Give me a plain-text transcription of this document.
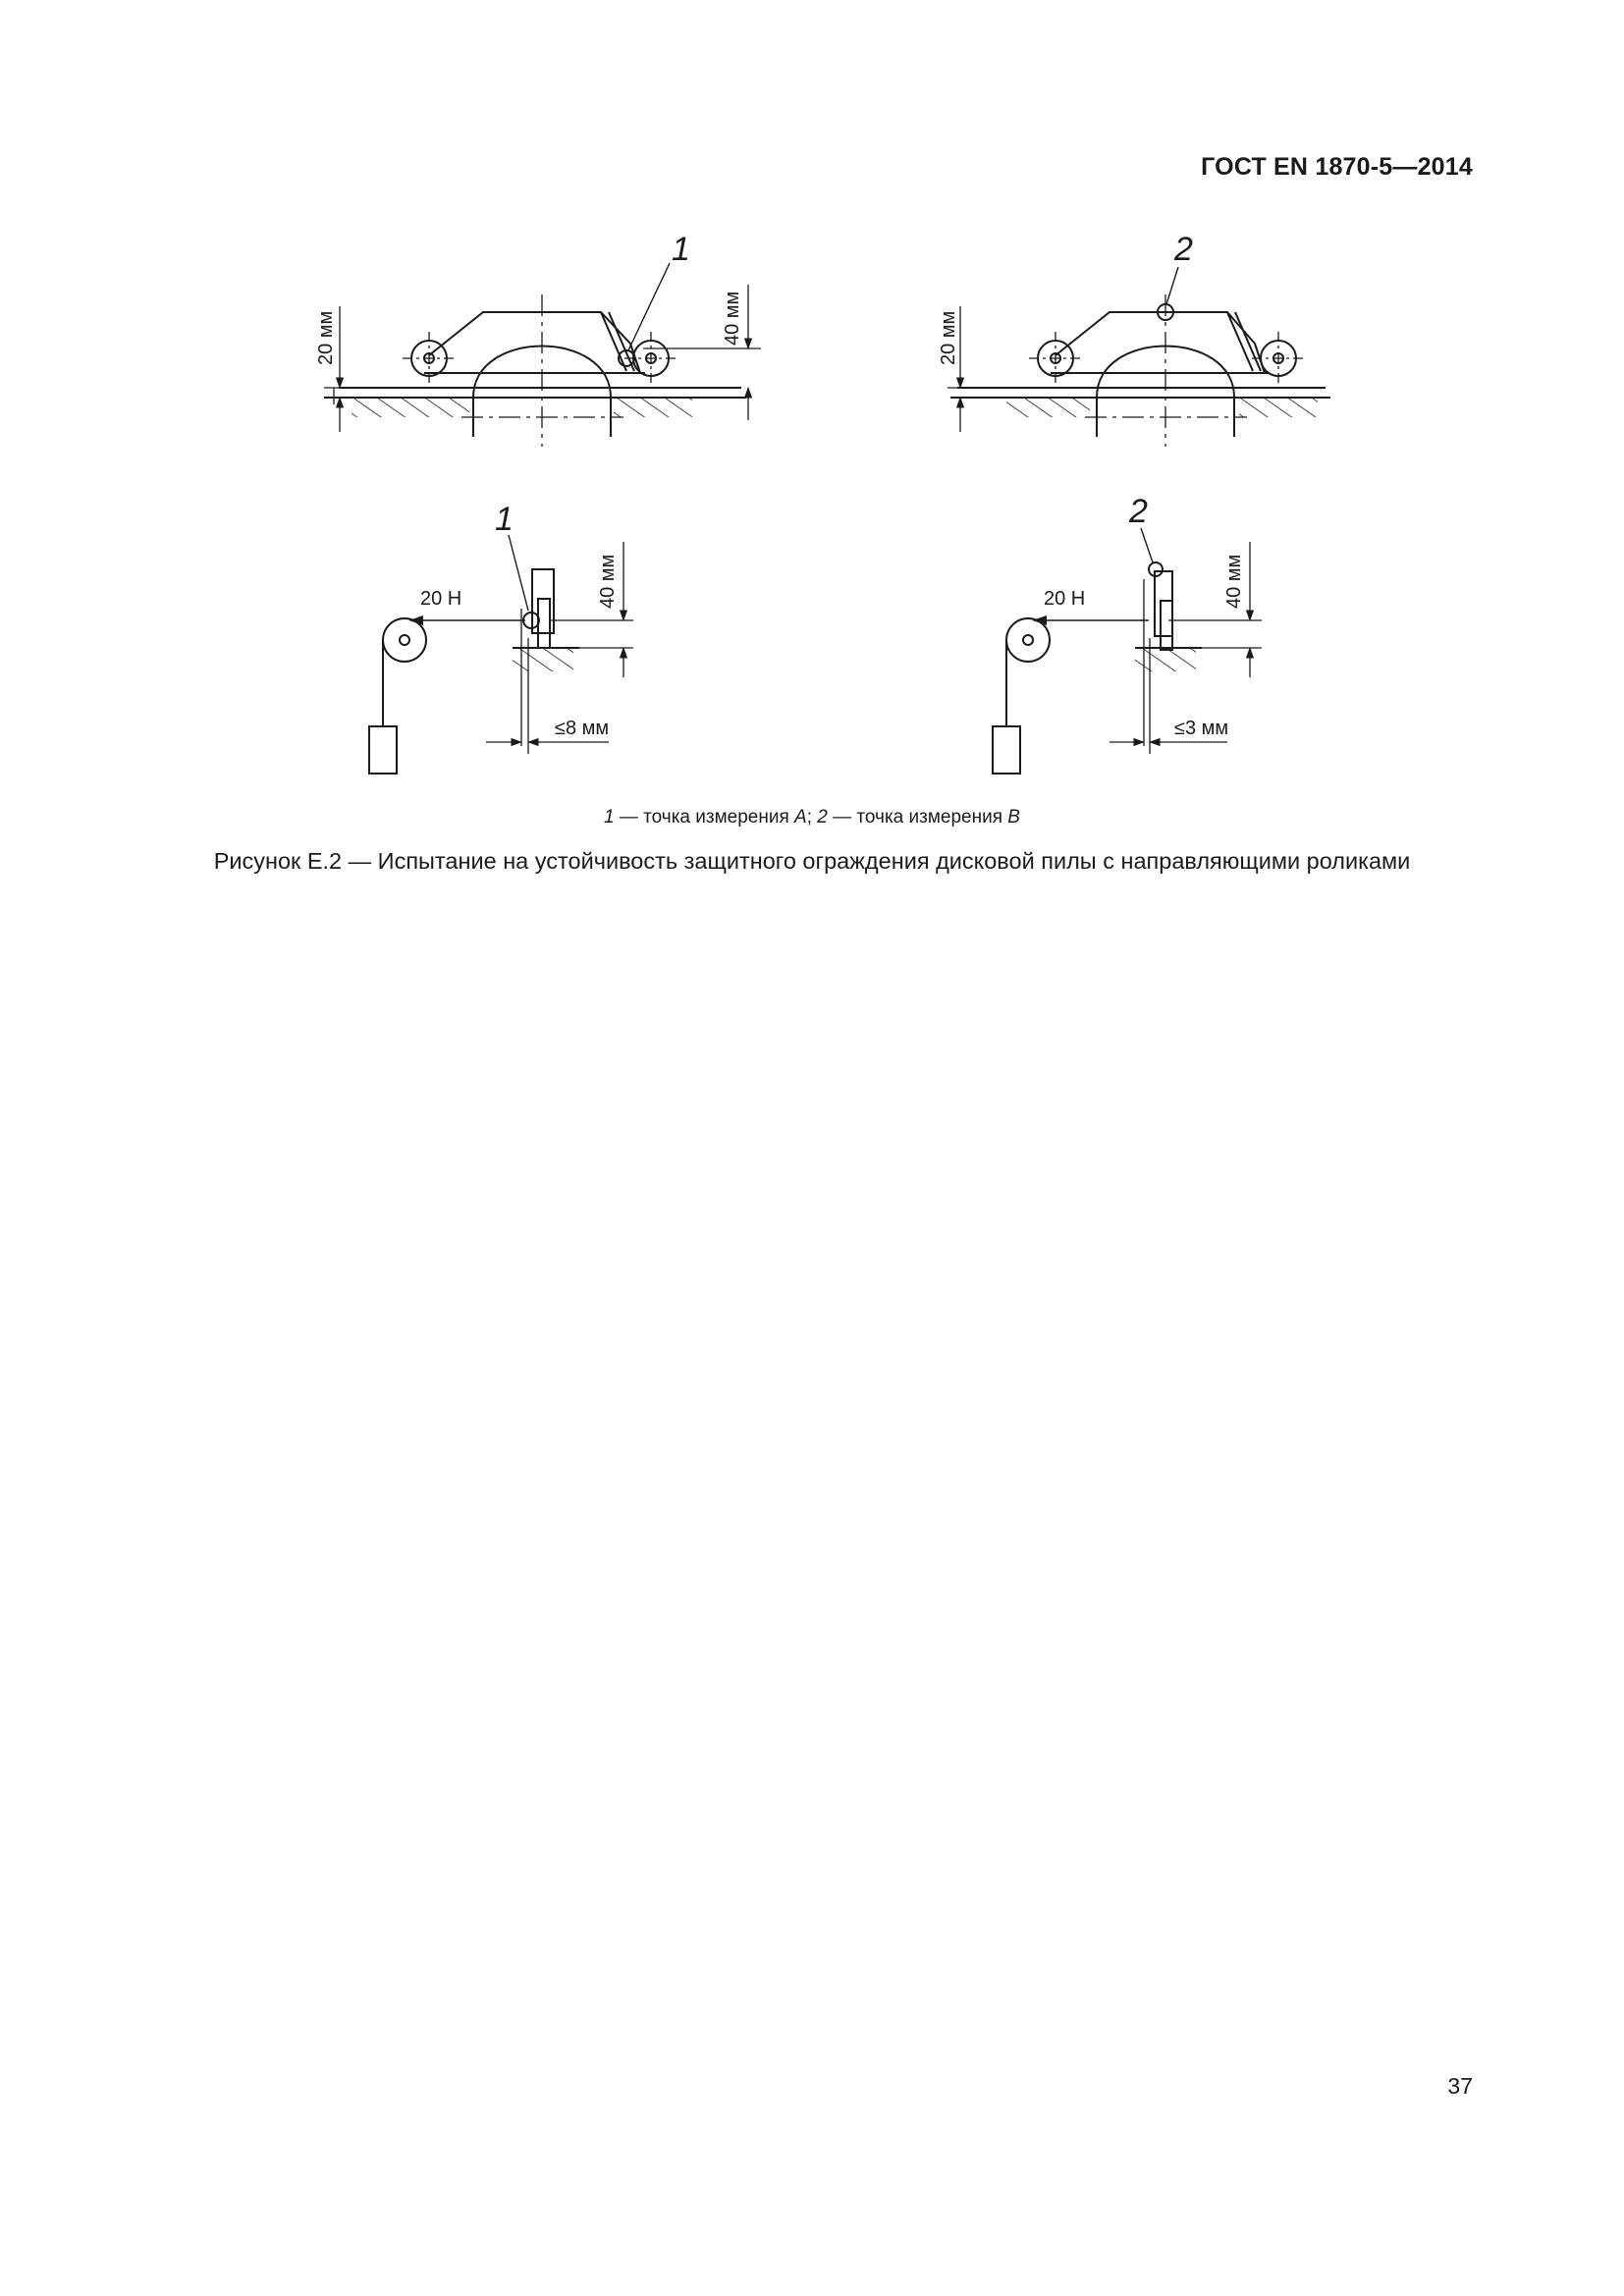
ГОСТ EN 1870-5—2014
1
20 мм	40 мм
2
20 мм
1
20 Н	40 мм
≤8 мм
2
20 Н	40 мм
≤3 мм
1 — точка измерения A; 2 — точка измерения B
Рисунок Е.2 — Испытание на устойчивость защитного ограждения дисковой пилы с направляющими роликами
37
